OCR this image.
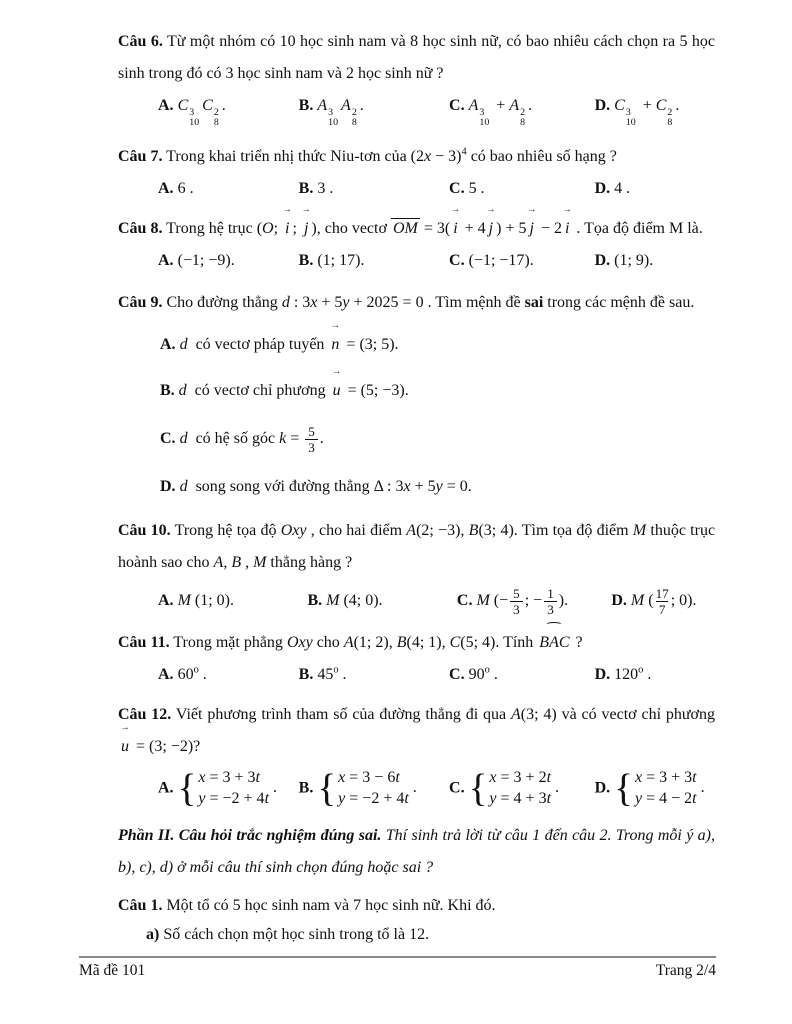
Câu 6. Từ một nhóm có 10 học sinh nam và 8 học sinh nữ, có bao nhiêu cách chọn ra 5 học sinh trong đó có 3 học sinh nam và 2 học sinh nữ ?

A. C 3
10
C 2
8
.	B. A 3
10
A 2
8
.	C. A 3
10
+ A 2
8
.	D. C 3
10
+ C 2
8
.

Câu 7. Trong khai triển nhị thức Niu-tơn của $(2x - 3)^4$ có bao nhiêu số hạng ?

A. 6 .	B. 3 .	C. 5 .	D. 4 .

Câu 8. Trong hệ trục (O; i → ; j → ), cho vectơ OM = 3( i → + 4 j → ) + 5 j → − 2 i → . Tọa độ điểm M là.

A. (−1; −9).	B. (1; 17).	C. (−1; −17).	D. (1; 9).

Câu 9. Cho đường thẳng d : 3x + 5y + 2025 = 0 . Tìm mệnh đề sai trong các mệnh đề sau.

A. d  có vectơ pháp tuyến n → = (3; 5).

B. d  có vectơ chỉ phương u → = (5; −3).

C. d  có hệ số góc $k = \frac{5}{3}$ .

D. d  song song với đường thẳng Δ : 3x + 5y = 0.

Câu 10. Trong hệ tọa độ Oxy , cho hai điểm A(2; −3), B(3; 4). Tìm tọa độ điểm M thuộc trục hoành sao cho A, B , M thẳng hàng ?

A. M (1; 0).	B. M (4; 0).	C. M (− $\frac{5}{3}$ ; − $\frac{1}{3}$ ).	D. M ( $\frac{17}{7}$ ; 0).

Câu 11. Trong mặt phẳng Oxy cho A(1; 2), B(4; 1), C(5; 4). Tính ⌢ BAC ?

A. 60$^o$ .	B. 45$^o$ .	C. 90$^o$ .	D. 120$^o$ .

Câu 12. Viết phương trình tham số của đường thẳng đi qua A(3; 4) và có vectơ chỉ phương u → = (3; −2)?

A.
{ x = 3 + 3t
y = −2 + 4t
.	B.
{ x = 3 − 6t
y = −2 + 4t
.	C.
{ x = 3 + 2t
y = 4 + 3t
.	D.
{ x = 3 + 3t
y = 4 − 2t
.

Phần II. Câu hỏi trắc nghiệm đúng sai. Thí sinh trả lời từ câu 1 đến câu 2. Trong mỗi ý a), b), c), d) ở mỗi câu thí sinh chọn đúng hoặc sai ?

Câu 1. Một tổ có 5 học sinh nam và 7 học sinh nữ. Khi đó.

a) Số cách chọn một học sinh trong tổ là 12.

Mã đề 101	Trang 2/4
